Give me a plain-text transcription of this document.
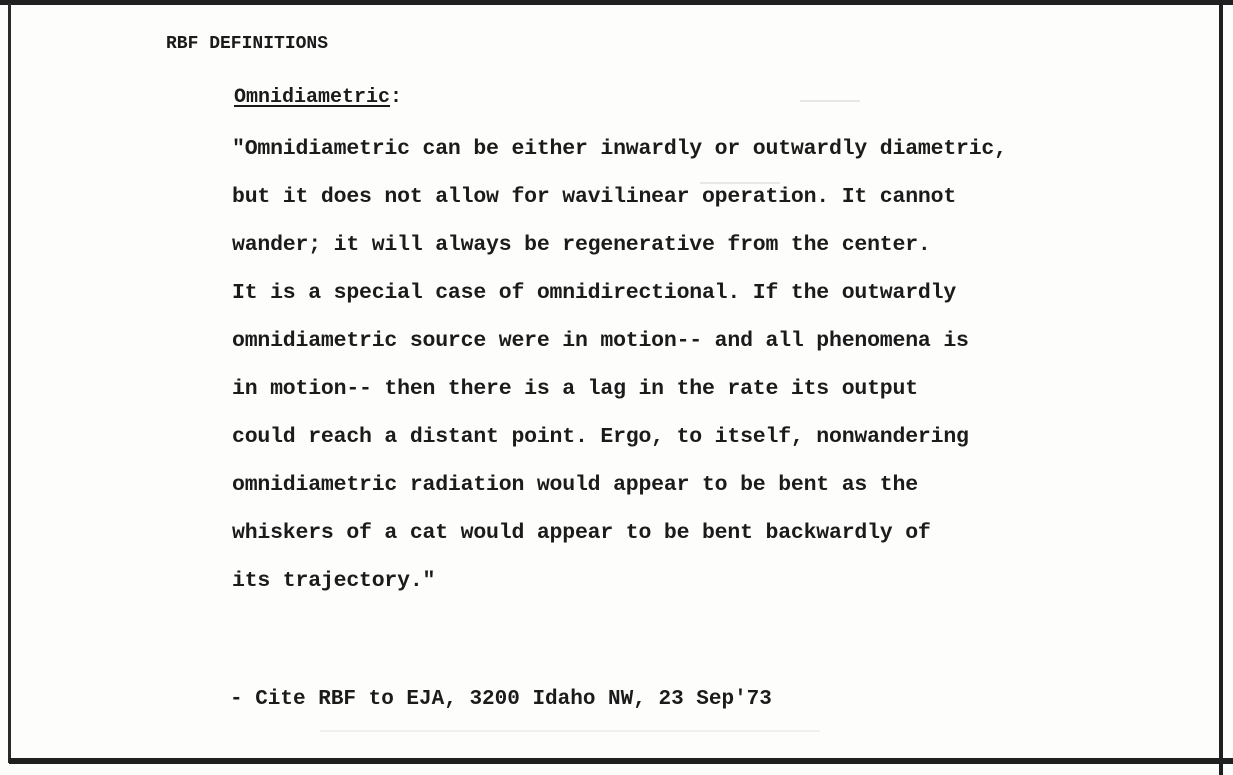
RBF DEFINITIONS
Omnidiametric:
"Omnidiametric can be either inwardly or outwardly diametric,
but it does not allow for wavilinear operation. It cannot
wander; it will always be regenerative from the center.
It is a special case of omnidirectional. If the outwardly
omnidiametric source were in motion-- and all phenomena is
in motion-- then there is a lag in the rate its output
could reach a distant point. Ergo, to itself, nonwandering
omnidiametric radiation would appear to be bent as the
whiskers of a cat would appear to be bent backwardly of
its trajectory."
- Cite RBF to EJA, 3200 Idaho NW, 23 Sep'73
